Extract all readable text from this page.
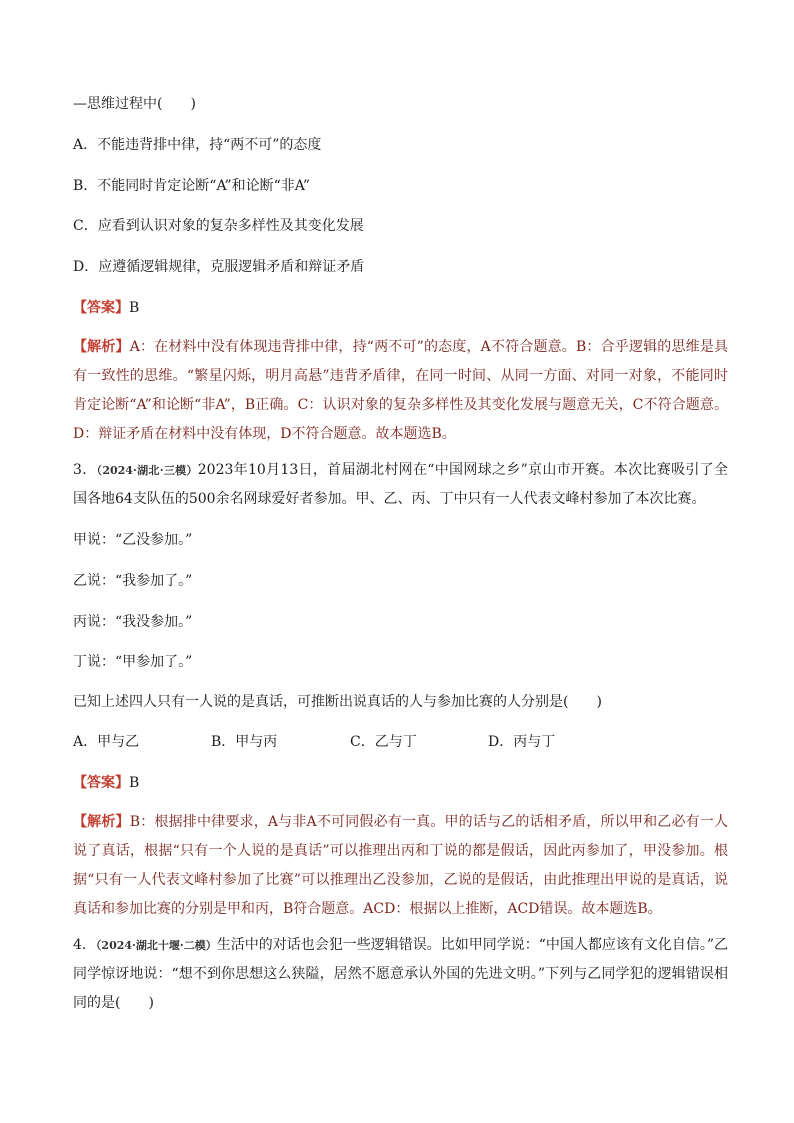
—思维过程中(　　)
A．不能违背排中律，持“两不可”的态度
B．不能同时肯定论断“A”和论断“非A”
C．应看到认识对象的复杂多样性及其变化发展
D．应遵循逻辑规律，克服逻辑矛盾和辩证矛盾
【答案】B
【解析】A：在材料中没有体现违背排中律，持“两不可”的态度，A不符合题意。B：合乎逻辑的思维是具有一致性的思维。“繁星闪烁，明月高悬”违背矛盾律，在同一时间、从同一方面、对同一对象，不能同时肯定论断“A”和论断“非A”，B正确。C：认识对象的复杂多样性及其变化发展与题意无关，C不符合题意。D：辩证矛盾在材料中没有体现，D不符合题意。故本题选B。
3．（2024·湖北·三模）2023年10月13日，首届湖北村网在“中国网球之乡”京山市开赛。本次比赛吸引了全国各地64支队伍的500余名网球爱好者参加。甲、乙、丙、丁中只有一人代表文峰村参加了本次比赛。
甲说：“乙没参加。”
乙说：“我参加了。”
丙说：“我没参加。”
丁说：“甲参加了。”
已知上述四人只有一人说的是真话，可推断出说真话的人与参加比赛的人分别是(　　)
A．甲与乙	B．甲与丙	C．乙与丁	D．丙与丁
【答案】B
【解析】B：根据排中律要求，A与非A不可同假必有一真。甲的话与乙的话相矛盾，所以甲和乙必有一人说了真话，根据“只有一个人说的是真话”可以推理出丙和丁说的都是假话，因此丙参加了，甲没参加。根据“只有一人代表文峰村参加了比赛”可以推理出乙没参加，乙说的是假话，由此推理出甲说的是真话，说真话和参加比赛的分别是甲和丙，B符合题意。ACD：根据以上推断，ACD错误。故本题选B。
4．（2024·湖北十堰·二模）生活中的对话也会犯一些逻辑错误。比如甲同学说：“中国人都应该有文化自信。”乙同学惊讶地说：“想不到你思想这么狭隘，居然不愿意承认外国的先进文明。”下列与乙同学犯的逻辑错误相同的是(　　)
